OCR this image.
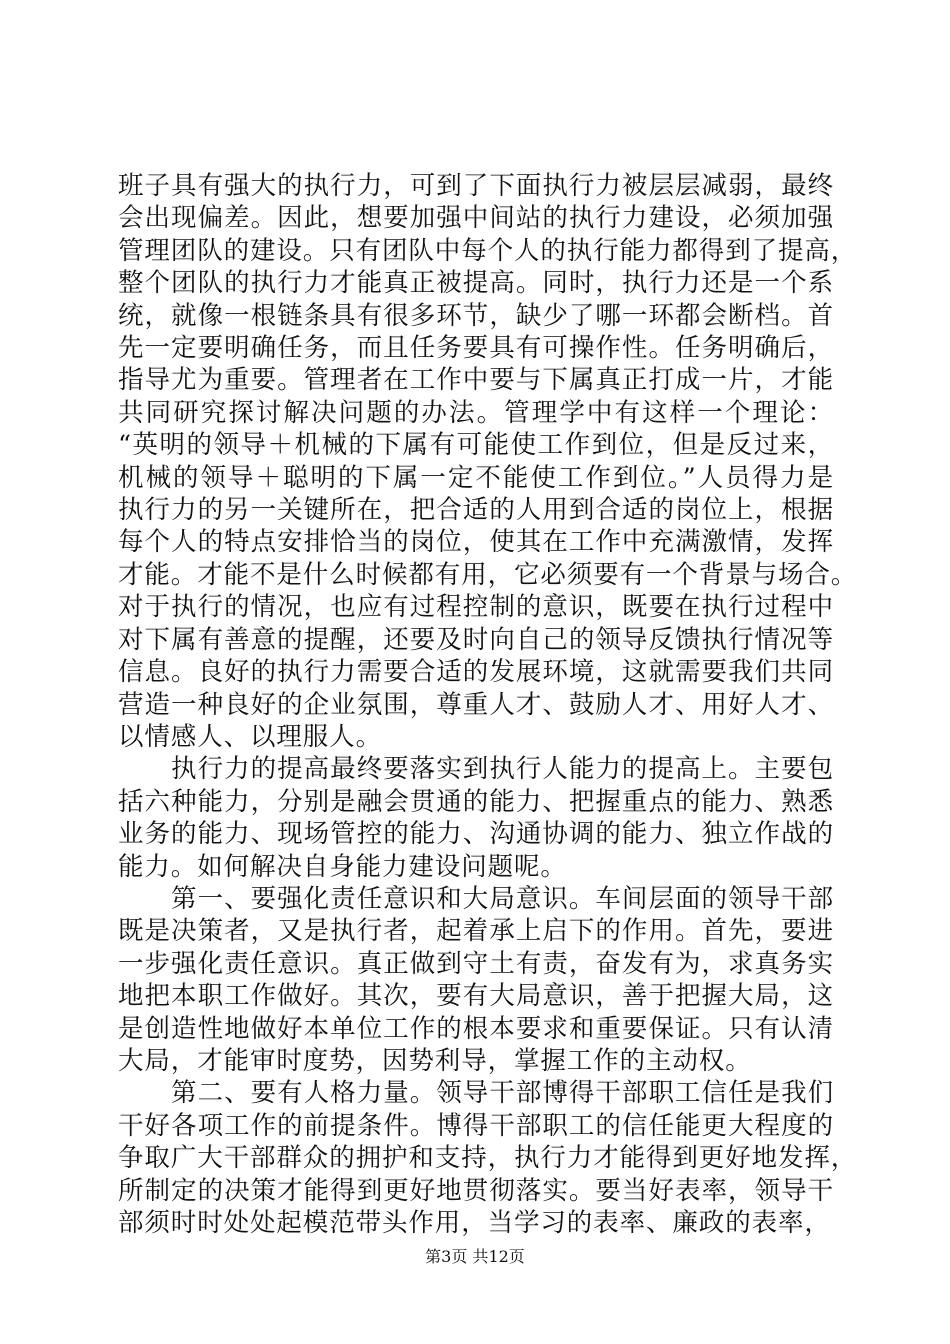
班子具有强大的执行力，可到了下面执行力被层层减弱，最终
会出现偏差。因此，想要加强中间站的执行力建设，必须加强
管理团队的建设。只有团队中每个人的执行能力都得到了提高，
整个团队的执行力才能真正被提高。同时，执行力还是一个系
统，就像一根链条具有很多环节，缺少了哪一环都会断档。首
先一定要明确任务，而且任务要具有可操作性。任务明确后，
指导尤为重要。管理者在工作中要与下属真正打成一片，才能
共同研究探讨解决问题的办法。管理学中有这样一个理论：
“英明的领导＋机械的下属有可能使工作到位，但是反过来，
机械的领导＋聪明的下属一定不能使工作到位。”人员得力是
执行力的另一关键所在，把合适的人用到合适的岗位上，根据
每个人的特点安排恰当的岗位，使其在工作中充满激情，发挥
才能。才能不是什么时候都有用，它必须要有一个背景与场合。
对于执行的情况，也应有过程控制的意识，既要在执行过程中
对下属有善意的提醒，还要及时向自己的领导反馈执行情况等
信息。良好的执行力需要合适的发展环境，这就需要我们共同
营造一种良好的企业氛围，尊重人才、鼓励人才、用好人才、
以情感人、以理服人。
　　执行力的提高最终要落实到执行人能力的提高上。主要包
括六种能力，分别是融会贯通的能力、把握重点的能力、熟悉
业务的能力、现场管控的能力、沟通协调的能力、独立作战的
能力。如何解决自身能力建设问题呢。
　　第一、要强化责任意识和大局意识。车间层面的领导干部
既是决策者，又是执行者，起着承上启下的作用。首先，要进
一步强化责任意识。真正做到守土有责，奋发有为，求真务实
地把本职工作做好。其次，要有大局意识，善于把握大局，这
是创造性地做好本单位工作的根本要求和重要保证。只有认清
大局，才能审时度势，因势利导，掌握工作的主动权。
　　第二、要有人格力量。领导干部博得干部职工信任是我们
干好各项工作的前提条件。博得干部职工的信任能更大程度的
争取广大干部群众的拥护和支持，执行力才能得到更好地发挥，
所制定的决策才能得到更好地贯彻落实。要当好表率，领导干
部须时时处处起模范带头作用，当学习的表率、廉政的表率，
第3页 共12页
